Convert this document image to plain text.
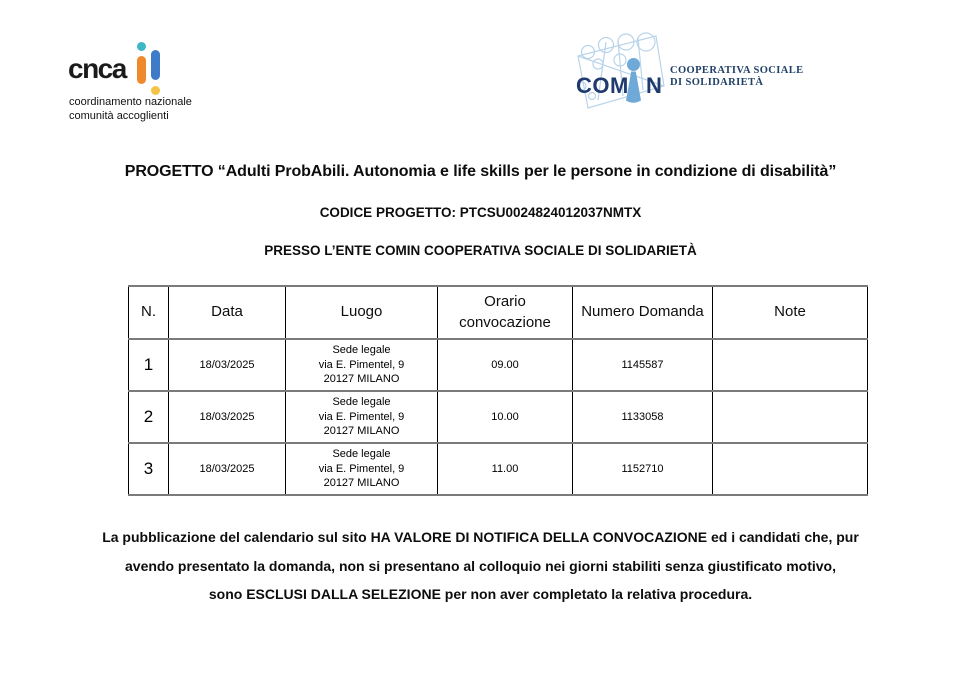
cnca
coordinamento nazionale
comunità accoglienti
COM N
COOPERATIVA SOCIALE
DI SOLIDARIETÀ
PROGETTO “Adulti ProbAbili. Autonomia e life skills per le persone in condizione di disabilità”
CODICE PROGETTO: PTCSU0024824012037NMTX
PRESSO L’ENTE COMIN COOPERATIVA SOCIALE DI SOLIDARIETÀ
N.	Data	Luogo	Orario convocazione	Numero Domanda	Note
1	18/03/2025	Sede legale
via E. Pimentel, 9
20127 MILANO	09.00	1145587	
2	18/03/2025	Sede legale
via E. Pimentel, 9
20127 MILANO	10.00	1133058	
3	18/03/2025	Sede legale
via E. Pimentel, 9
20127 MILANO	11.00	1152710	
La pubblicazione del calendario sul sito HA VALORE DI NOTIFICA DELLA CONVOCAZIONE ed i candidati che, pur
avendo presentato la domanda, non si presentano al colloquio nei giorni stabiliti senza giustificato motivo,
sono ESCLUSI DALLA SELEZIONE per non aver completato la relativa procedura.
